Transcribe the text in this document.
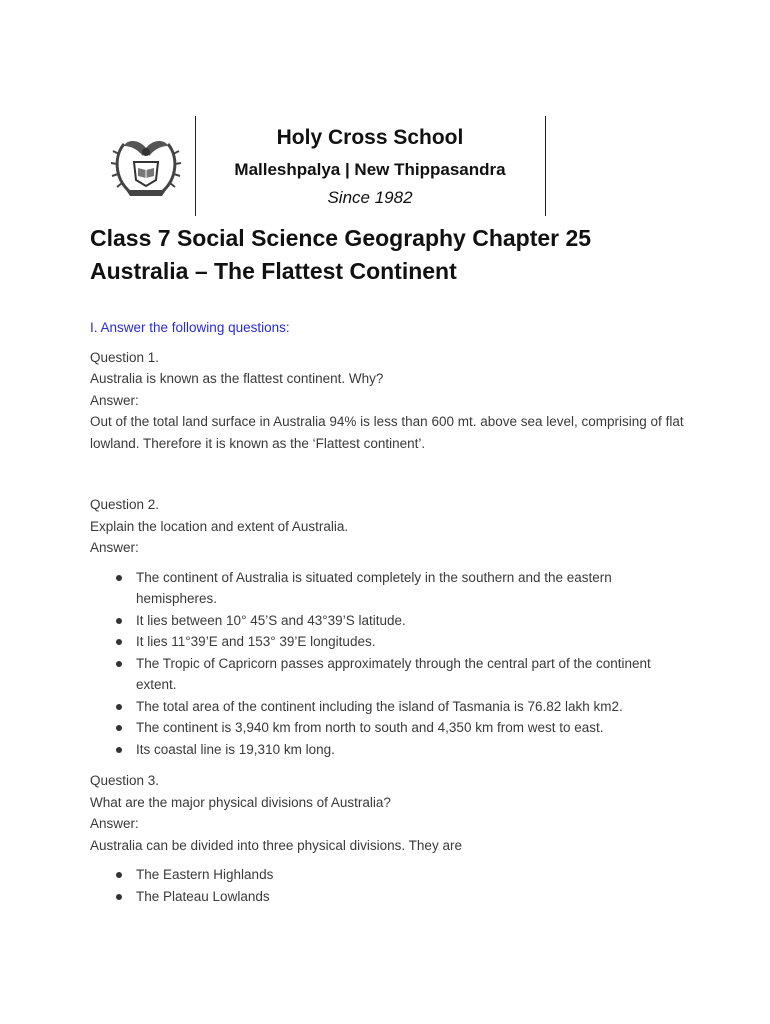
Holy Cross School
Malleshpalya | New Thippasandra
Since 1982
Class 7 Social Science Geography Chapter 25 Australia – The Flattest Continent

I. Answer the following questions:

Question 1.

Australia is known as the flattest continent. Why?

Answer:

Out of the total land surface in Australia 94% is less than 600 mt. above sea level, comprising of flat lowland. Therefore it is known as the ‘Flattest continent’.

Question 2.

Explain the location and extent of Australia.

Answer:

The continent of Australia is situated completely in the southern and the eastern hemispheres.
It lies between 10° 45’S and 43°39’S latitude.
It lies 11°39’E and 153° 39’E longitudes.
The Tropic of Capricorn passes approximately through the central part of the continent extent.
The total area of the continent including the island of Tasmania is 76.82 lakh km2.
The continent is 3,940 km from north to south and 4,350 km from west to east.
Its coastal line is 19,310 km long.

Question 3.

What are the major physical divisions of Australia?

Answer:

Australia can be divided into three physical divisions. They are

The Eastern Highlands
The Plateau Lowlands
